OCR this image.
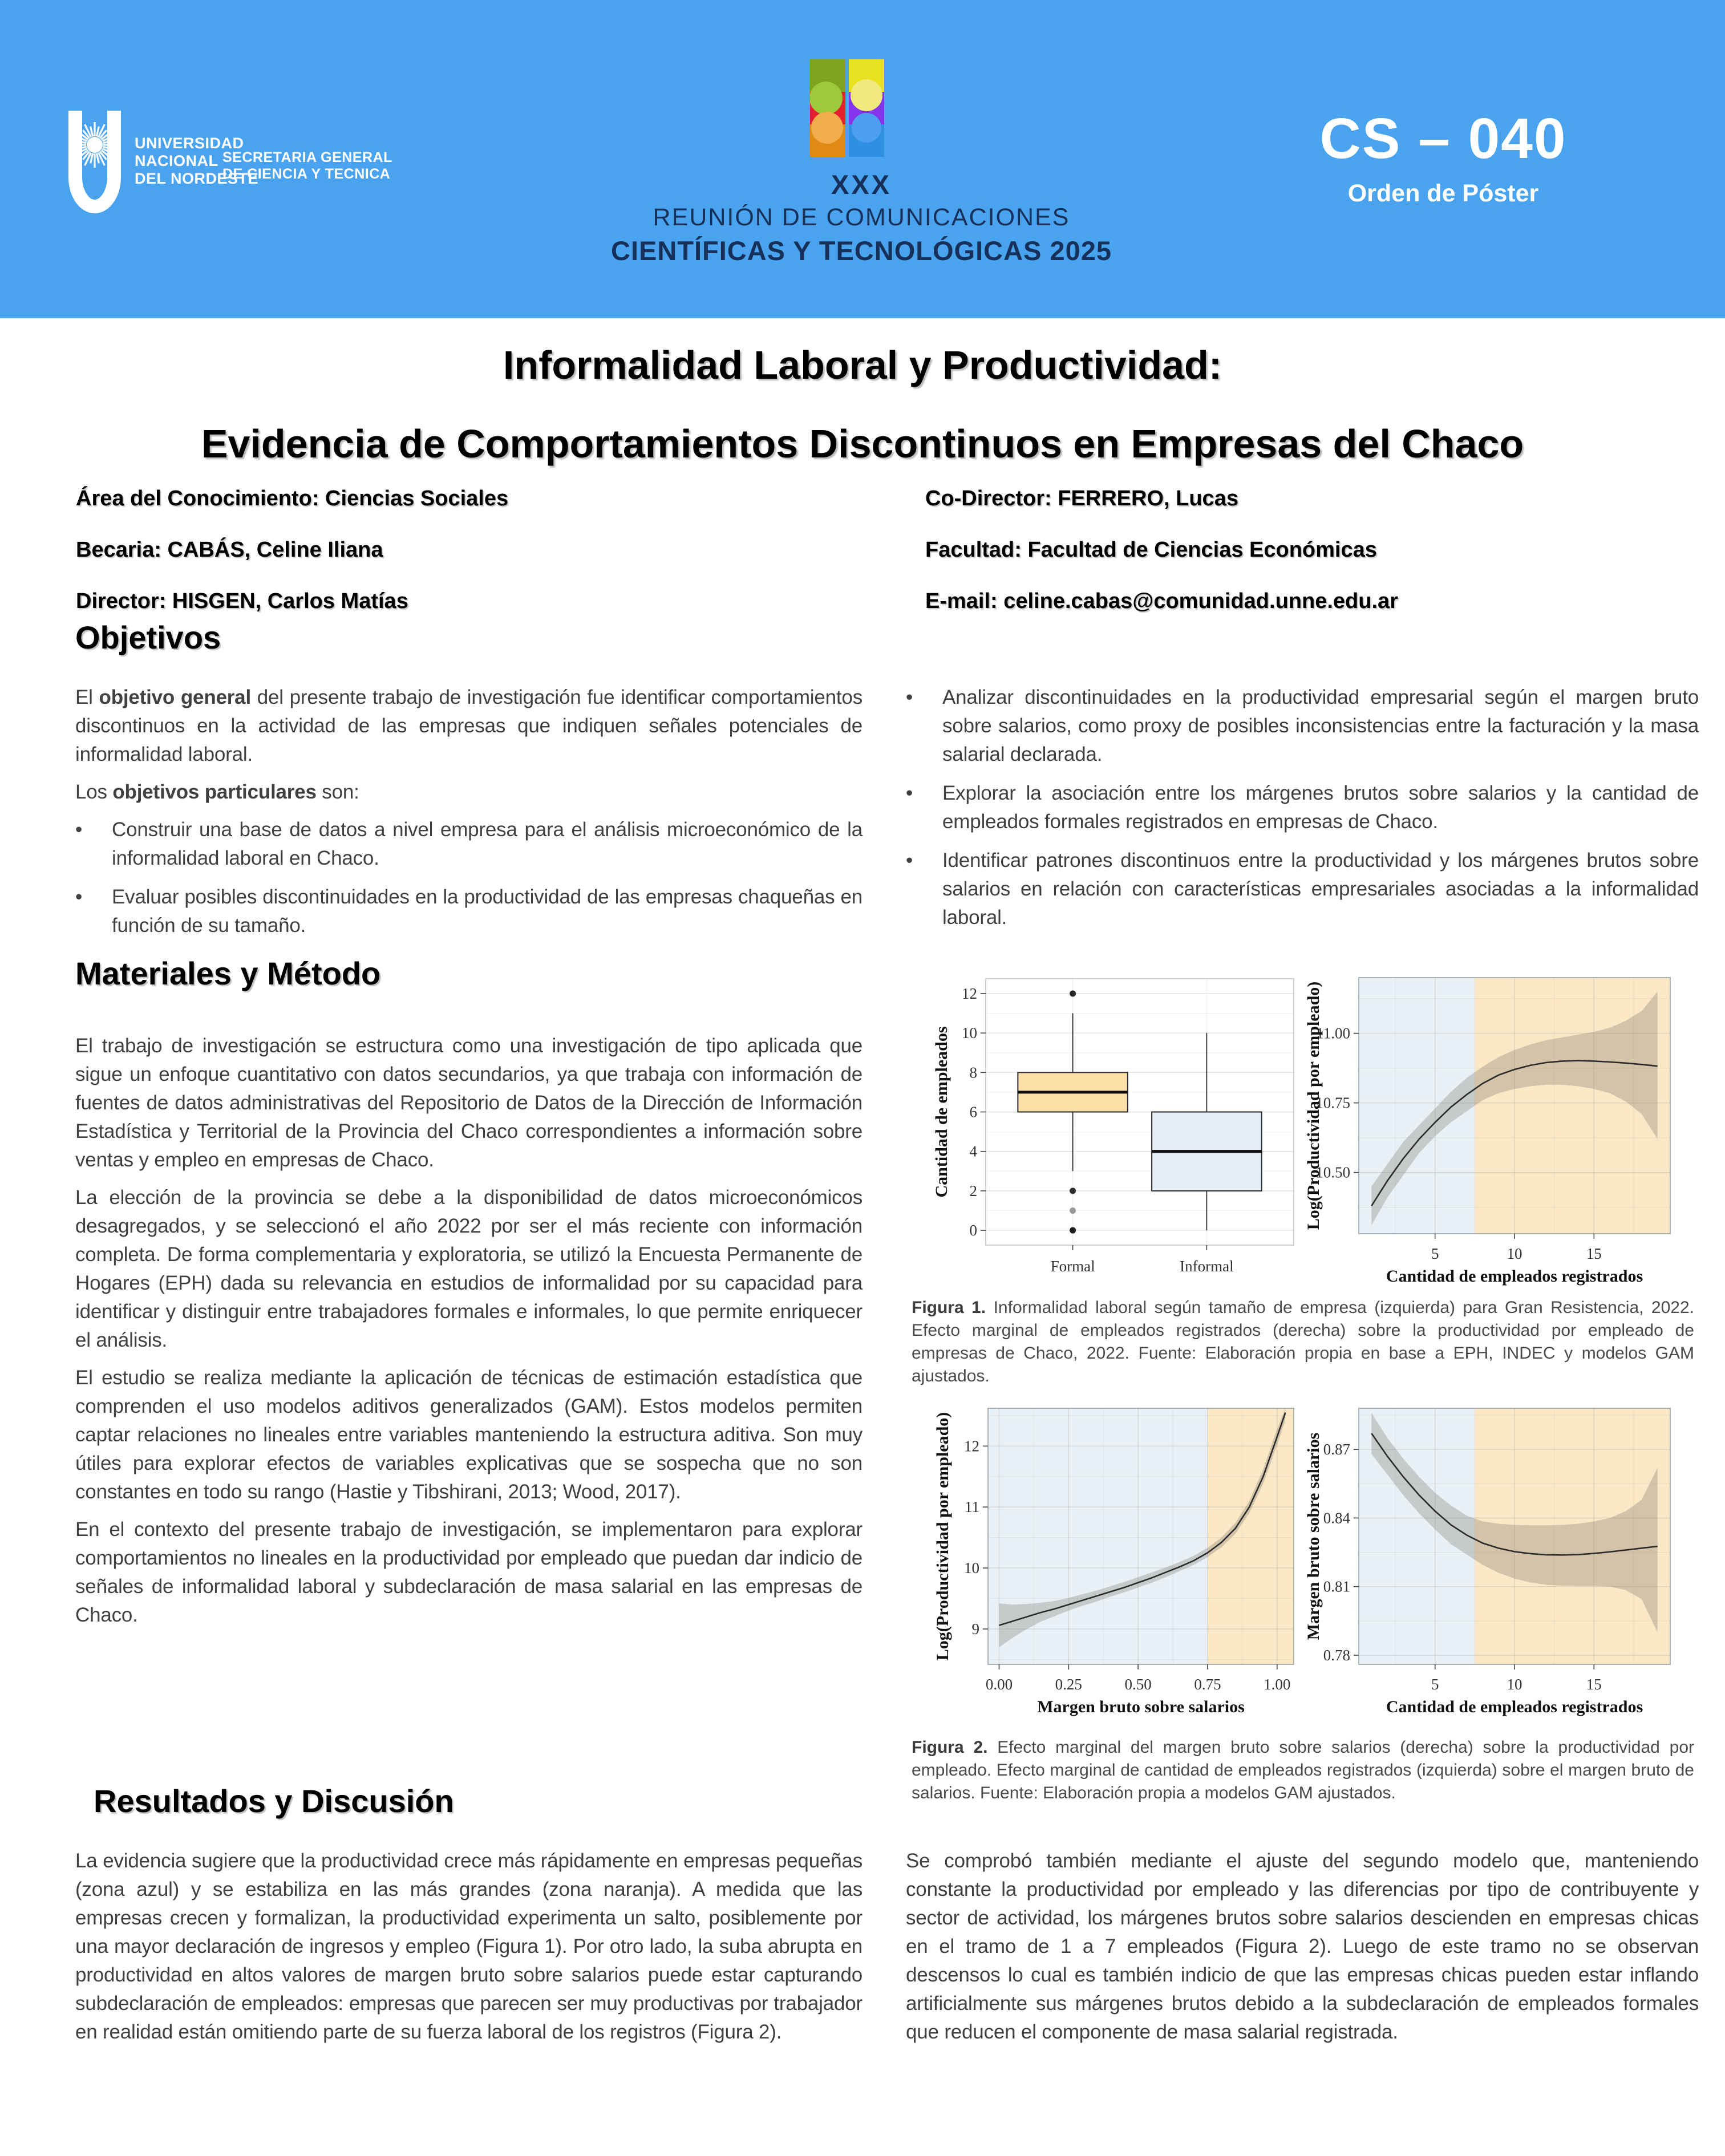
UNIVERSIDAD
NACIONAL
DEL NORDESTE
SECRETARIA GENERAL
DE CIENCIA Y TECNICA	XXX
REUNIÓN DE COMUNICACIONES
CIENTÍFICAS Y TECNOLÓGICAS 2025
CS – 040
Orden de Póster
Informalidad Laboral y Productividad:
Evidencia de Comportamientos Discontinuos en Empresas del Chaco

Área del Conocimiento: Ciencias Sociales

Becaria: CABÁS, Celine Iliana

Director: HISGEN, Carlos Matías

Co-Director: FERRERO, Lucas

Facultad: Facultad de Ciencias Económicas

E-mail: celine.cabas@comunidad.unne.edu.ar

Objetivos

El objetivo general del presente trabajo de investigación fue identificar comportamientos discontinuos en la actividad de las empresas que indiquen señales potenciales de informalidad laboral.

Los objetivos particulares son:

•	Construir una base de datos a nivel empresa para el análisis microeconómico de la informalidad laboral en Chaco.
•	Evaluar posibles discontinuidades en la productividad de las empresas chaqueñas en función de su tamaño.
•	Analizar discontinuidades en la productividad empresarial según el margen bruto sobre salarios, como proxy de posibles inconsistencias entre la facturación y la masa salarial declarada.
•	Explorar la asociación entre los márgenes brutos sobre salarios y la cantidad de empleados formales registrados en empresas de Chaco.
•	Identificar patrones discontinuos entre la productividad y los márgenes brutos sobre salarios en relación con características empresariales asociadas a la informalidad laboral.
Materiales y Método

El trabajo de investigación se estructura como una investigación de tipo aplicada que sigue un enfoque cuantitativo con datos secundarios, ya que trabaja con información de fuentes de datos administrativas del Repositorio de Datos de la Dirección de Información Estadística y Territorial de la Provincia del Chaco correspondientes a información sobre ventas y empleo en empresas de Chaco.

La elección de la provincia se debe a la disponibilidad de datos microeconómicos desagregados, y se seleccionó el año 2022 por ser el más reciente con información completa. De forma complementaria y exploratoria, se utilizó la Encuesta Permanente de Hogares (EPH) dada su relevancia en estudios de informalidad por su capacidad para identificar y distinguir entre trabajadores formales e informales, lo que permite enriquecer el análisis.

El estudio se realiza mediante la aplicación de técnicas de estimación estadística que comprenden el uso modelos aditivos generalizados (GAM). Estos modelos permiten captar relaciones no lineales entre variables manteniendo la estructura aditiva. Son muy útiles para explorar efectos de variables explicativas que se sospecha que no son constantes en todo su rango (Hastie y Tibshirani, 2013; Wood, 2017).

En el contexto del presente trabajo de investigación, se implementaron para explorar comportamientos no lineales en la productividad por empleado que puedan dar indicio de señales de informalidad laboral y subdeclaración de masa salarial en las empresas de Chaco.

0
2
4
6
8
10
12
Formal	Informal
Cantidad de empleados
5	10	15
10.50
10.75
11.00
Cantidad de empleados registrados
Log(Productividad por empleado)
Figura 1. Informalidad laboral según tamaño de empresa (izquierda) para Gran Resistencia, 2022. Efecto marginal de empleados registrados (derecha) sobre la productividad por empleado de empresas de Chaco, 2022. Fuente: Elaboración propia en base a EPH, INDEC y modelos GAM ajustados.
0.00	0.25	0.50	0.75	1.00
9
10
11
12
Margen bruto sobre salarios
Log(Productividad por empleado)
5	10	15
0.78
0.81
0.84
0.87
Cantidad de empleados registrados
Margen bruto sobre salarios
Figura 2. Efecto marginal del margen bruto sobre salarios (derecha) sobre la productividad por empleado. Efecto marginal de cantidad de empleados registrados (izquierda) sobre el margen bruto de salarios. Fuente: Elaboración propia a modelos GAM ajustados.
Resultados y Discusión

La evidencia sugiere que la productividad crece más rápidamente en empresas pequeñas (zona azul) y se estabiliza en las más grandes (zona naranja). A medida que las empresas crecen y formalizan, la productividad experimenta un salto, posiblemente por una mayor declaración de ingresos y empleo (Figura 1). Por otro lado, la suba abrupta en productividad en altos valores de margen bruto sobre salarios puede estar capturando subdeclaración de empleados: empresas que parecen ser muy productivas por trabajador en realidad están omitiendo parte de su fuerza laboral de los registros (Figura 2).

Se comprobó también mediante el ajuste del segundo modelo que, manteniendo constante la productividad por empleado y las diferencias por tipo de contribuyente y sector de actividad, los márgenes brutos sobre salarios descienden en empresas chicas en el tramo de 1 a 7 empleados (Figura 2). Luego de este tramo no se observan descensos lo cual es también indicio de que las empresas chicas pueden estar inflando artificialmente sus márgenes brutos debido a la subdeclaración de empleados formales que reducen el componente de masa salarial registrada.
